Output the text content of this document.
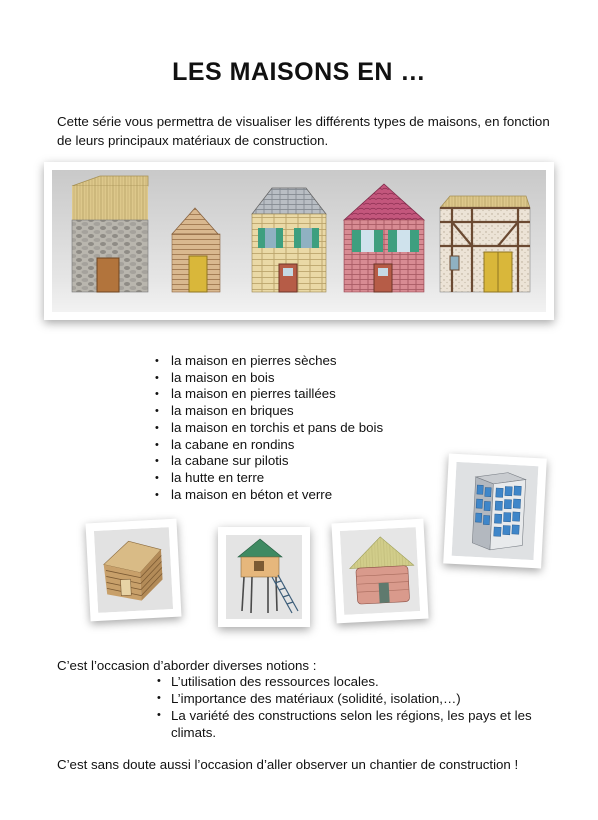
LES MAISONS EN …

Cette série vous permettra de visualiser les différents types de maisons, en fonction de leurs principaux matériaux de construction.

• la maison en pierres sèches
• la maison en bois
• la maison en pierres taillées
• la maison en briques
• la maison en torchis et pans de bois
• la cabane en rondins
• la cabane sur pilotis
• la hutte en terre
• la maison en béton et verre

C’est l’occasion d’aborder diverses notions :

• L’utilisation des ressources locales.
• L’importance des matériaux (solidité, isolation,…)
• La variété des constructions selon les régions, les pays et les climats.

C’est sans doute aussi l’occasion d’aller observer un chantier de construction !
